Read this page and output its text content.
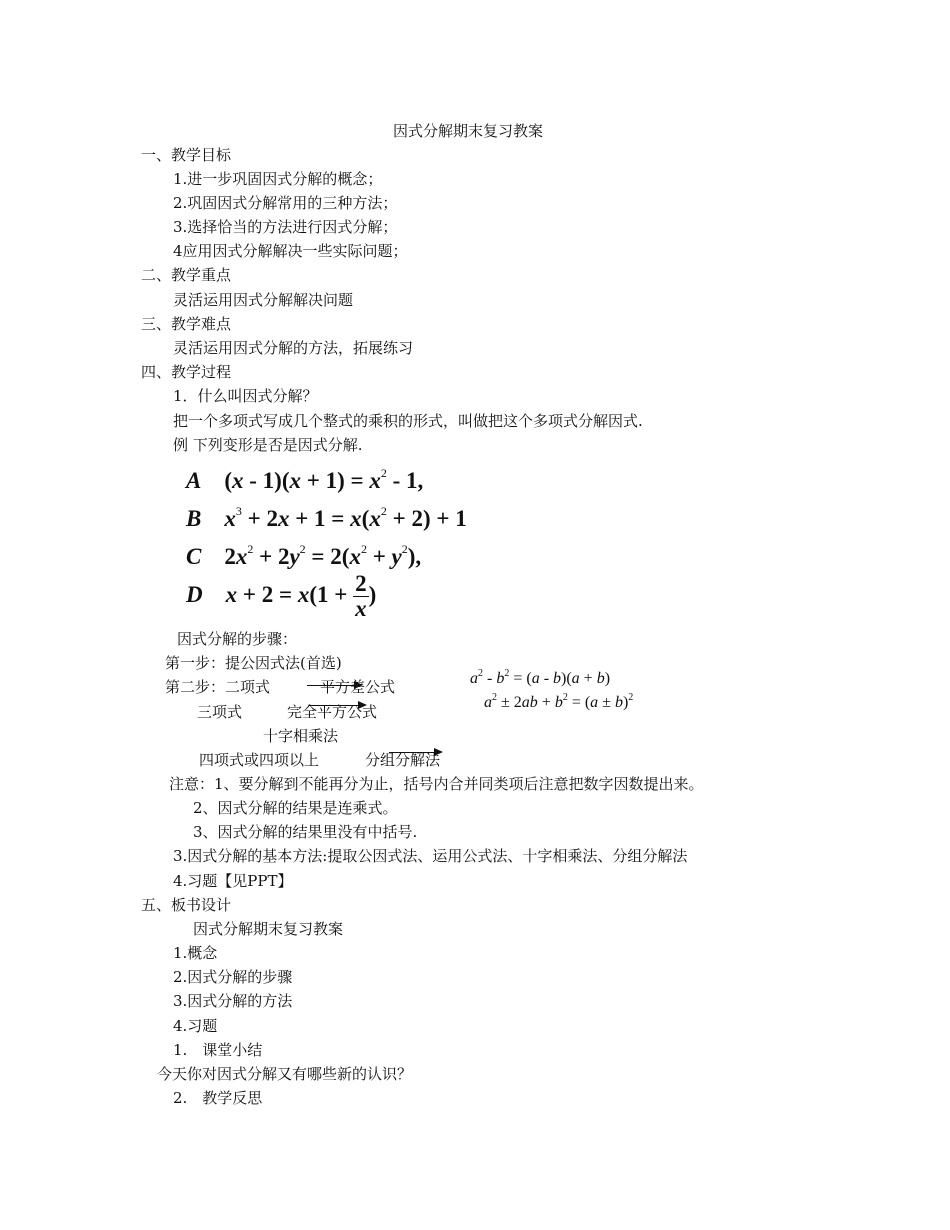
因式分解期末复习教案
一、教学目标
1.进一步巩固因式分解的概念；
2.巩固因式分解常用的三种方法；
3.选择恰当的方法进行因式分解；
4应用因式分解解决一些实际问题；
二、教学重点
灵活运用因式分解解决问题
三、教学难点
灵活运用因式分解的方法，拓展练习
四、教学过程
1．什么叫因式分解？
把一个多项式写成几个整式的乘积的形式，叫做把这个多项式分解因式.
例 下列变形是否是因式分解.
A    $(x - 1)(x + 1) = x^2 - 1$,
B $x^3 + 2x + 1 = x(x^2 + 2) + 1$
C    $2x^2 + 2y^2 = 2(x^2 + y^2)$,
D $x + 2 = x(1 + \frac{2}{x}$ )
因式分解的步骤：
第一步：提公因式法(首选)
第二步：二项式	平方差公式
三项式	完全平方公式
十字相乘法
四项式或四项以上	分组分解法
$a^2 - b^2 = (a - b)(a + b)$
$a^2 \pm 2ab + b^2 = (a \pm b)^2$
注意：1、要分解到不能再分为止，括号内合并同类项后注意把数字因数提出来。
2、因式分解的结果是连乘式。
3、因式分解的结果里没有中括号.
3.因式分解的基本方法:提取公因式法、运用公式法、十字相乘法、分组分解法
4.习题【见PPT】
五、板书设计
因式分解期末复习教案
1.概念
2.因式分解的步骤
3.因式分解的方法
4.习题
1.　课堂小结
今天你对因式分解又有哪些新的认识？
2.　教学反思
